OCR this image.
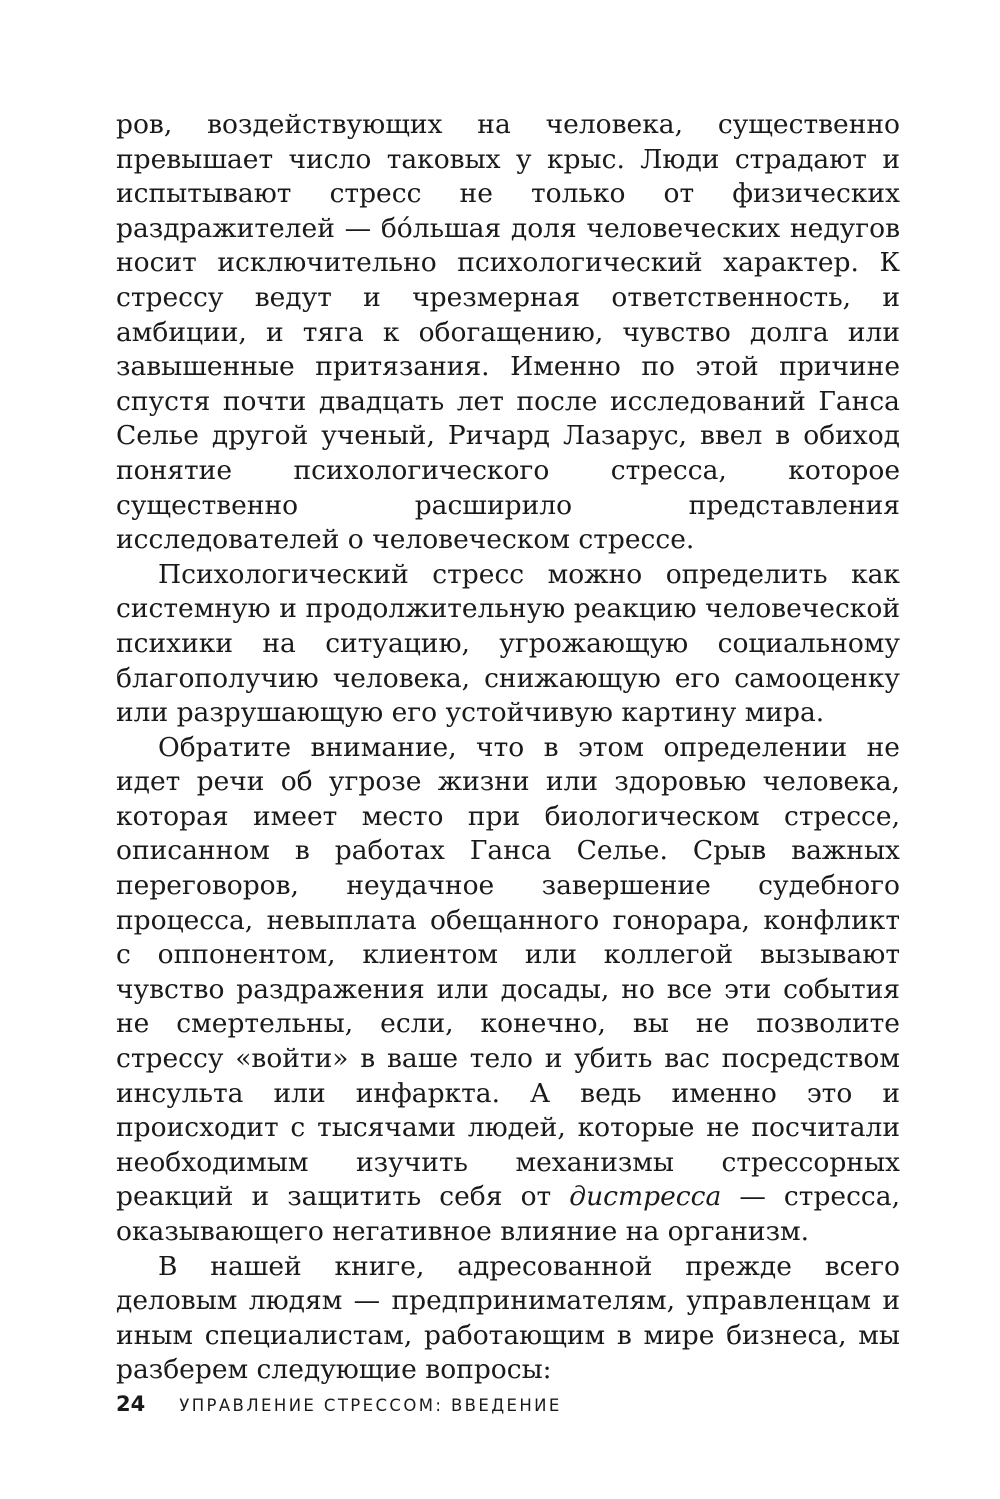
ров, воздействующих на человека, существенно превышает число таковых у крыс. Люди страдают и испытывают стресс не только от физических раздражителей — бо́льшая доля человеческих недугов носит исключительно психологический характер. К стрессу ведут и чрезмерная ответственность, и амбиции, и тяга к обогащению, чувство долга или завышенные притязания. Именно по этой причине спустя почти двадцать лет после исследований Ганса Селье другой ученый, Ричард Лазарус, ввел в обиход понятие психологического стресса, которое существенно расширило представления исследователей о человеческом стрессе.

Психологический стресс можно определить как системную и продолжительную реакцию человеческой психики на ситуацию, угрожающую социальному благополучию человека, снижающую его самооценку или разрушающую его устойчивую картину мира.

Обратите внимание, что в этом определении не идет речи об угрозе жизни или здоровью человека, которая имеет место при биологическом стрессе, описанном в работах Ганса Селье. Срыв важных переговоров, неудачное завершение судебного процесса, невыплата обещанного гонорара, конфликт с оппонентом, клиентом или коллегой вызывают чувство раздражения или досады, но все эти события не смертельны, если, конечно, вы не позволите стрессу «войти» в ваше тело и убить вас посредством инсульта или инфаркта. А ведь именно это и происходит с тысячами людей, которые не посчитали необходимым изучить механизмы стрессорных реакций и защитить себя от дистресса — стресса, оказывающего негативное влияние на организм.

В нашей книге, адресованной прежде всего деловым людям — предпринимателям, управленцам и иным специалистам, работающим в мире бизнеса, мы разберем следующие вопросы:

24 УПРАВЛЕНИЕ СТРЕССОМ: ВВЕДЕНИЕ
